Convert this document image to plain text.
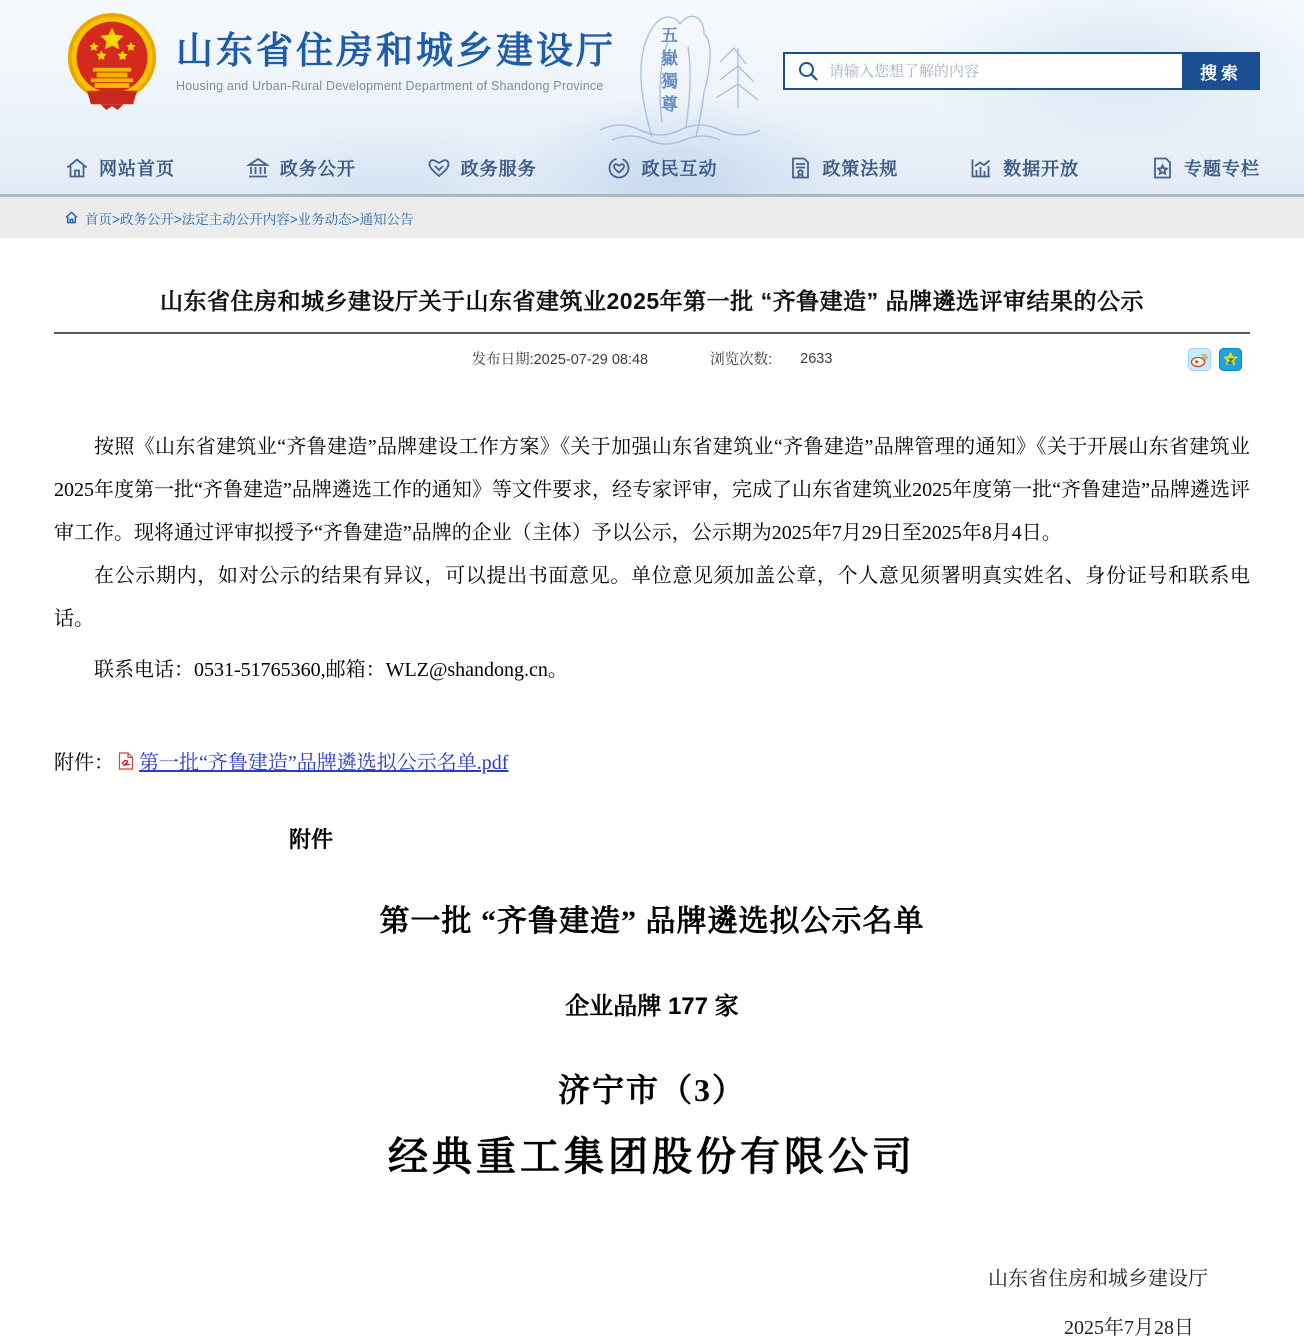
五嶽獨尊
山东省住房和城乡建设厅
Housing and Urban-Rural Development Department of Shandong Province
请输入您想了解的内容
搜索
网站首页	政务公开	政务服务	政民互动	政策法规	数据开放	专题专栏
首页>政务公开>法定主动公开内容>业务动态>通知公告
山东省住房和城乡建设厅关于山东省建筑业2025年第一批 “齐鲁建造” 品牌遴选评审结果的公示
发布日期:2025-07-29 08:48	浏览次数: 2633

按照《山东省建筑业“齐鲁建造”品牌建设工作方案》《关于加强山东省建筑业“齐鲁建造”品牌管理的通知》《关于开展山东省建筑业2025年度第一批“齐鲁建造”品牌遴选工作的通知》等文件要求，经专家评审，完成了山东省建筑业2025年度第一批“齐鲁建造”品牌遴选评审工作。现将通过评审拟授予“齐鲁建造”品牌的企业（主体）予以公示，公示期为2025年7月29日至2025年8月4日。

在公示期内，如对公示的结果有异议，可以提出书面意见。单位意见须加盖公章，个人意见须署明真实姓名、身份证号和联系电话。

联系电话：0531-51765360,邮箱：WLZ@shandong.cn。

附件： 第一批“齐鲁建造”品牌遴选拟公示名单.pdf
附件
第一批 “齐鲁建造” 品牌遴选拟公示名单
企业品牌 177 家
济宁市（3）
经典重工集团股份有限公司
山东省住房和城乡建设厅
2025年7月28日
